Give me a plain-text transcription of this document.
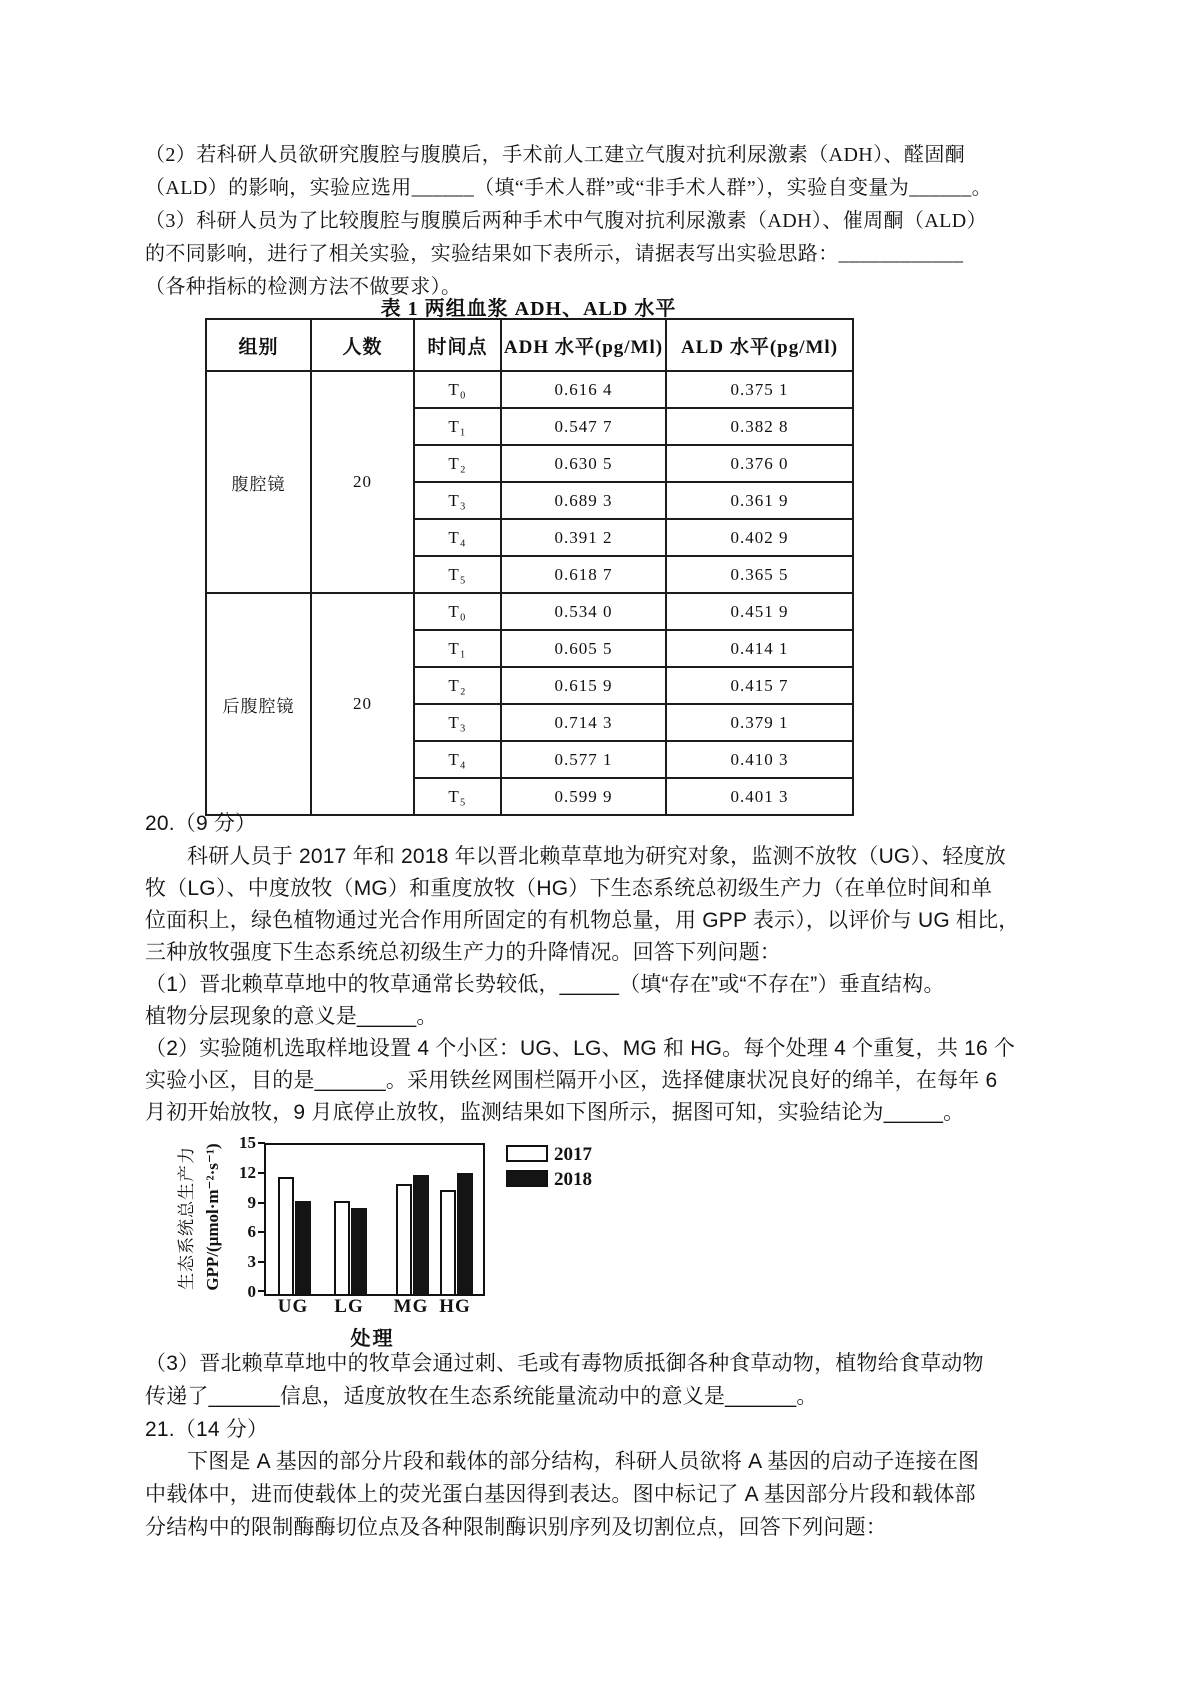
（2）若科研人员欲研究腹腔与腹膜后，手术前人工建立气腹对抗利尿激素（ADH）、醛固酮
（ALD）的影响，实验应选用______（填“手术人群”或“非手术人群”），实验自变量为______。
（3）科研人员为了比较腹腔与腹膜后两种手术中气腹对抗利尿激素（ADH）、催周酮（ALD）
的不同影响，进行了相关实验，实验结果如下表所示，请据表写出实验思路：____________
（各种指标的检测方法不做要求）。
表 1 两组血浆 ADH、ALD 水平
组别	人数	时间点	ADH 水平(pg/Ml)	ALD 水平(pg/Ml)
腹腔镜	20	T₀	0.616 4	0.375 1
		T₁	0.547 7	0.382 8
		T₂	0.630 5	0.376 0
		T₃	0.689 3	0.361 9
		T₄	0.391 2	0.402 9
		T₅	0.618 7	0.365 5
后腹腔镜	20	T₀	0.534 0	0.451 9
		T₁	0.605 5	0.414 1
		T₂	0.615 9	0.415 7
		T₃	0.714 3	0.379 1
		T₄	0.577 1	0.410 3
		T₅	0.599 9	0.401 3
20.（9 分）
科研人员于 2017 年和 2018 年以晋北赖草草地为研究对象，监测不放牧（UG）、轻度放
牧（LG）、中度放牧（MG）和重度放牧（HG）下生态系统总初级生产力（在单位时间和单
位面积上，绿色植物通过光合作用所固定的有机物总量，用 GPP 表示），以评价与 UG 相比，
三种放牧强度下生态系统总初级生产力的升降情况。回答下列问题：
（1）晋北赖草草地中的牧草通常长势较低，_____（填“存在”或“不存在”）垂直结构。
植物分层现象的意义是_____。
（2）实验随机选取样地设置 4 个小区：UG、LG、MG 和 HG。每个处理 4 个重复，共 16 个
实验小区，目的是______。采用铁丝网围栏隔开小区，选择健康状况良好的绵羊，在每年 6
月初开始放牧，9 月底停止放牧，监测结果如下图所示，据图可知，实验结论为_____。
生态系统总生产力 GPP/(μmol·m⁻²·s⁻¹)
15
12
9
6
3
0
UG	LG	MG HG
处理
2017
2018
（3）晋北赖草草地中的牧草会通过刺、毛或有毒物质抵御各种食草动物，植物给食草动物
传递了______信息，适度放牧在生态系统能量流动中的意义是______。
21.（14 分）
下图是 A 基因的部分片段和载体的部分结构，科研人员欲将 A 基因的启动子连接在图
中载体中，进而使载体上的荧光蛋白基因得到表达。图中标记了 A 基因部分片段和载体部
分结构中的限制酶酶切位点及各种限制酶识别序列及切割位点，回答下列问题：
